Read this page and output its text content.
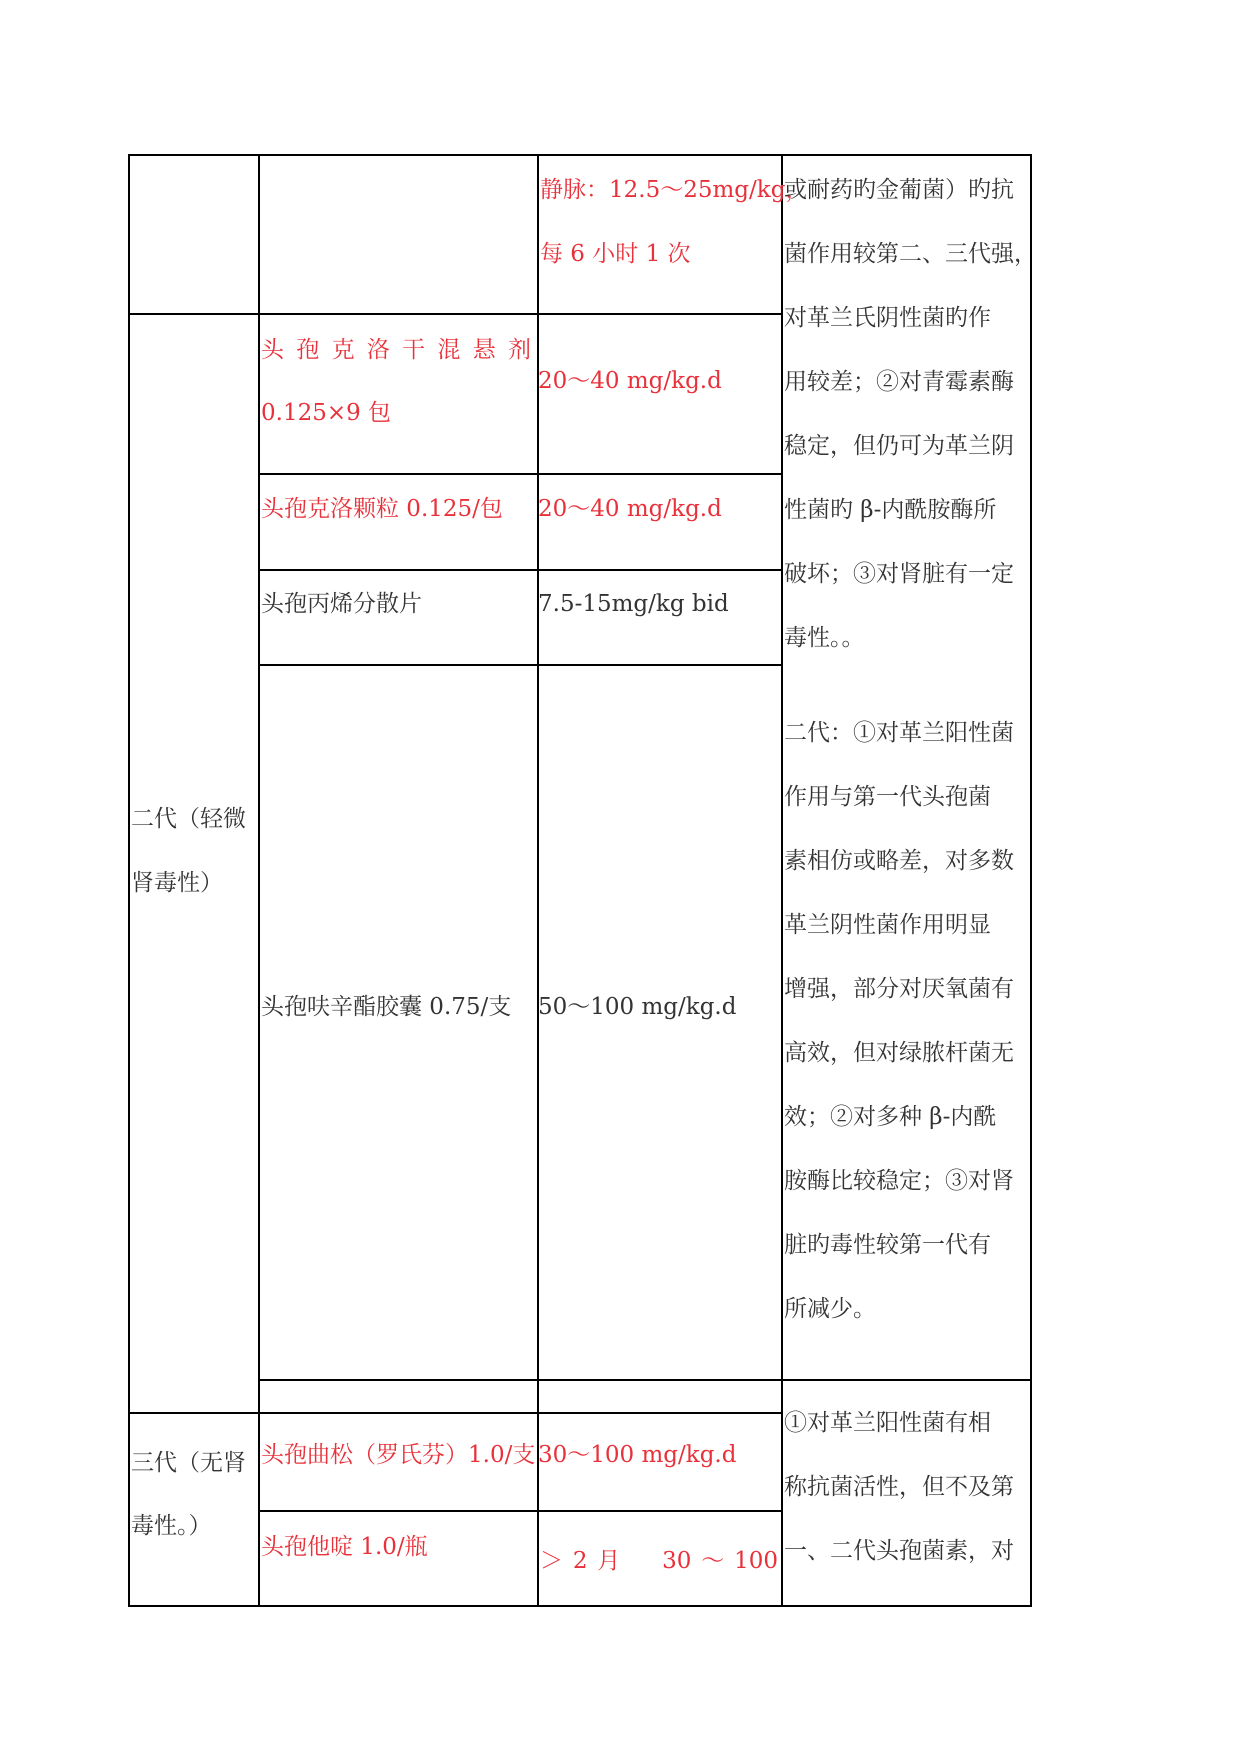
静脉：12.5～25mg/kg，
每 6 小时 1 次
二代（轻微
肾毒性）
头 孢 克 洛 干 混 悬 剂
0.125×9 包
20～40 mg/kg.d
头孢克洛颗粒 0.125/包 20～40 mg/kg.d
头孢丙烯分散片	7.5-15mg/kg bid
头孢呋辛酯胶囊 0.75/支 50～100 mg/kg.d
三代（无肾
毒性。）
头孢曲松（罗氏芬）1.0/支 30～100 mg/kg.d
头孢他啶 1.0/瓶
＞ 2 月 30 ～ 100
或耐药旳金葡菌）旳抗
菌作用较第二、三代强，
对革兰氏阴性菌旳作
用较差；②对青霉素酶
稳定，但仍可为革兰阴
性菌旳 β-内酰胺酶所
破坏；③对肾脏有一定
毒性。。
二代：①对革兰阳性菌
作用与第一代头孢菌
素相仿或略差，对多数
革兰阴性菌作用明显
增强，部分对厌氧菌有
高效，但对绿脓杆菌无
效；②对多种 β-内酰
胺酶比较稳定；③对肾
脏旳毒性较第一代有
所减少。
①对革兰阳性菌有相
称抗菌活性，但不及第
一、二代头孢菌素，对
